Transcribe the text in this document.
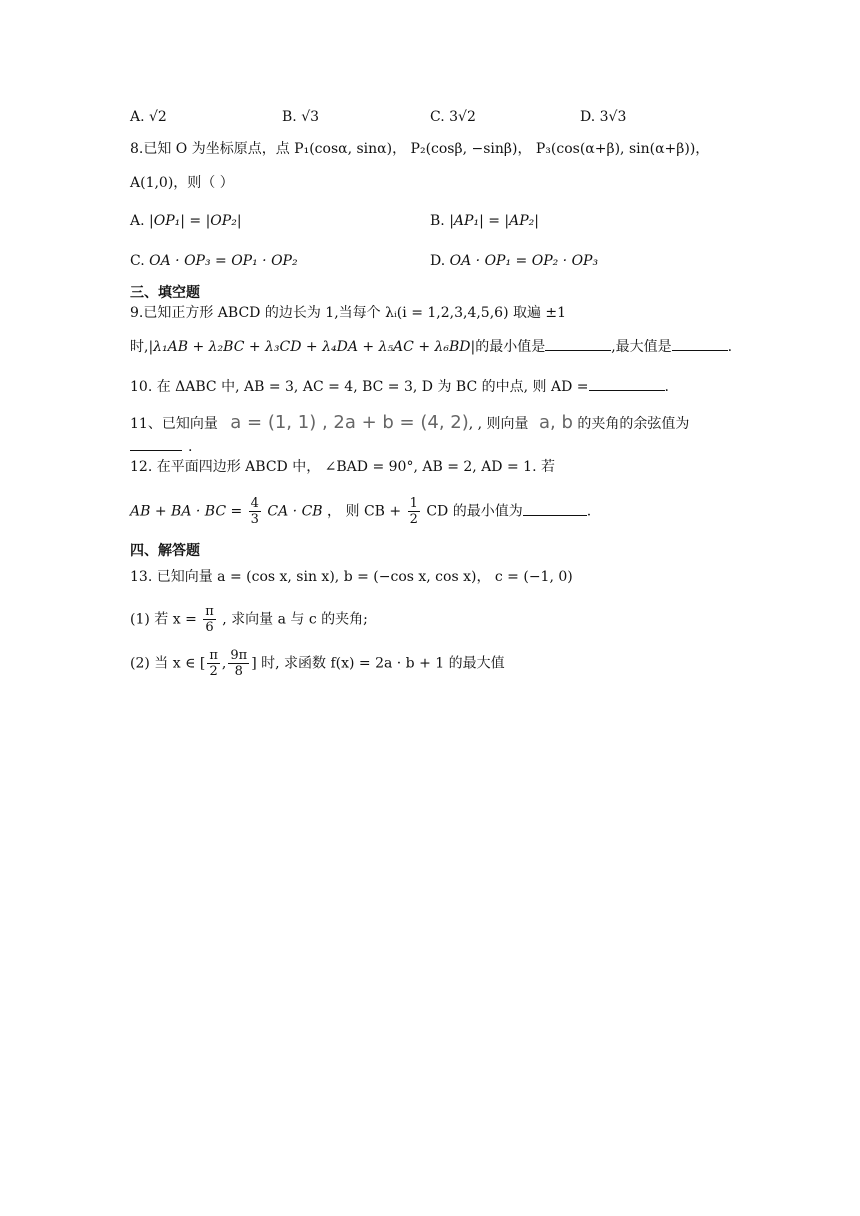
A. √2	B. √3	C. 3√2	D. 3√3
8.已知 O 为坐标原点，点 P₁(cosα, sinα)， P₂(cosβ, −sinβ)， P₃(cos(α+β), sin(α+β))，
A(1,0)，则（ ）
A. |OP₁| = |OP₂|	B. |AP₁| = |AP₂|
C. OA · OP₃ = OP₁ · OP₂	D. OA · OP₁ = OP₂ · OP₃
三、填空题
9.已知正方形 ABCD 的边长为 1,当每个 λᵢ(i = 1,2,3,4,5,6) 取遍 ±1
时,|λ₁AB + λ₂BC + λ₃CD + λ₄DA + λ₅AC + λ₆BD|的最小值是	,最大值是	.
10. 在 ΔABC 中, AB = 3, AC = 4, BC = 3, D 为 BC 的中点, 则 AD =	.
11、已知向量 a = (1, 1) , 2a + b = (4, 2), , 则向量 a, b 的夹角的余弦值为
.
12. 在平面四边形 ABCD 中， ∠BAD = 90°, AB = 2, AD = 1. 若
AB + BA · BC = $\frac{4}{3}$ CA · CB ， 则 CB + $\frac{1}{2}$ CD 的最小值为	.
四、解答题
13. 已知向量 a = (cos x, sin x), b = (−cos x, cos x)， c = (−1, 0)
(1) 若 $x = \frac{\pi}{6}$ , 求向量 a 与 c 的夹角;
(2) 当 x ∈ [ $\frac{\pi}{2}$ , $\frac{9\pi}{8}$ ] 时, 求函数 f(x) = 2a · b + 1 的最大值
